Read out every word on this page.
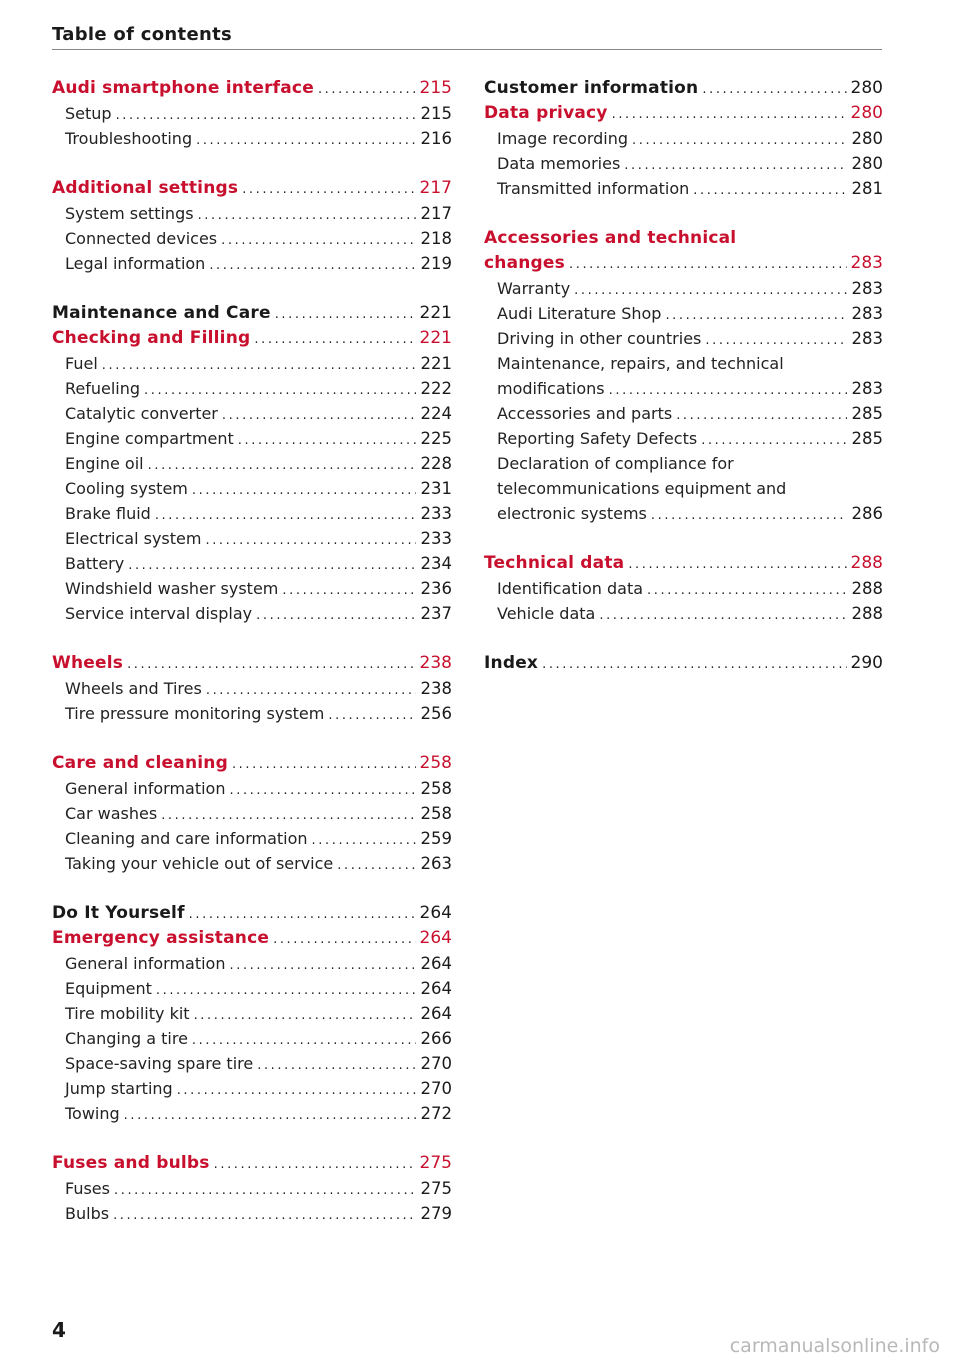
Table of contents
Audi smartphone interface .....	215
Setup .....	215
Troubleshooting .....	216
Additional settings .....	217
System settings .....	217
Connected devices .....	218
Legal information .....	219
Maintenance and Care .....	221
Checking and Filling .....	221
Fuel .....	221
Refueling .....	222
Catalytic converter .....	224
Engine compartment .....	225
Engine oil .....	228
Cooling system .....	231
Brake fluid .....	233
Electrical system .....	233
Battery .....	234
Windshield washer system .....	236
Service interval display .....	237
Wheels .....	238
Wheels and Tires .....	238
Tire pressure monitoring system .....	256
Care and cleaning .....	258
General information .....	258
Car washes .....	258
Cleaning and care information .....	259
Taking your vehicle out of service .....	263
Do It Yourself .....	264
Emergency assistance .....	264
General information .....	264
Equipment .....	264
Tire mobility kit .....	264
Changing a tire .....	266
Space-saving spare tire .....	270
Jump starting .....	270
Towing .....	272
Fuses and bulbs .....	275
Fuses .....	275
Bulbs .....	279
Customer information .....	280
Data privacy .....	280
Image recording .....	280
Data memories .....	280
Transmitted information .....	281
Accessories and technical
changes .....	283
Warranty .....	283
Audi Literature Shop .....	283
Driving in other countries .....	283
Maintenance, repairs, and technical
modifications .....	283
Accessories and parts .....	285
Reporting Safety Defects .....	285
Declaration of compliance for
telecommunications equipment and
electronic systems .....	286
Technical data .....	288
Identification data .....	288
Vehicle data .....	288
Index .....	290
4
carmanualsonline.info
